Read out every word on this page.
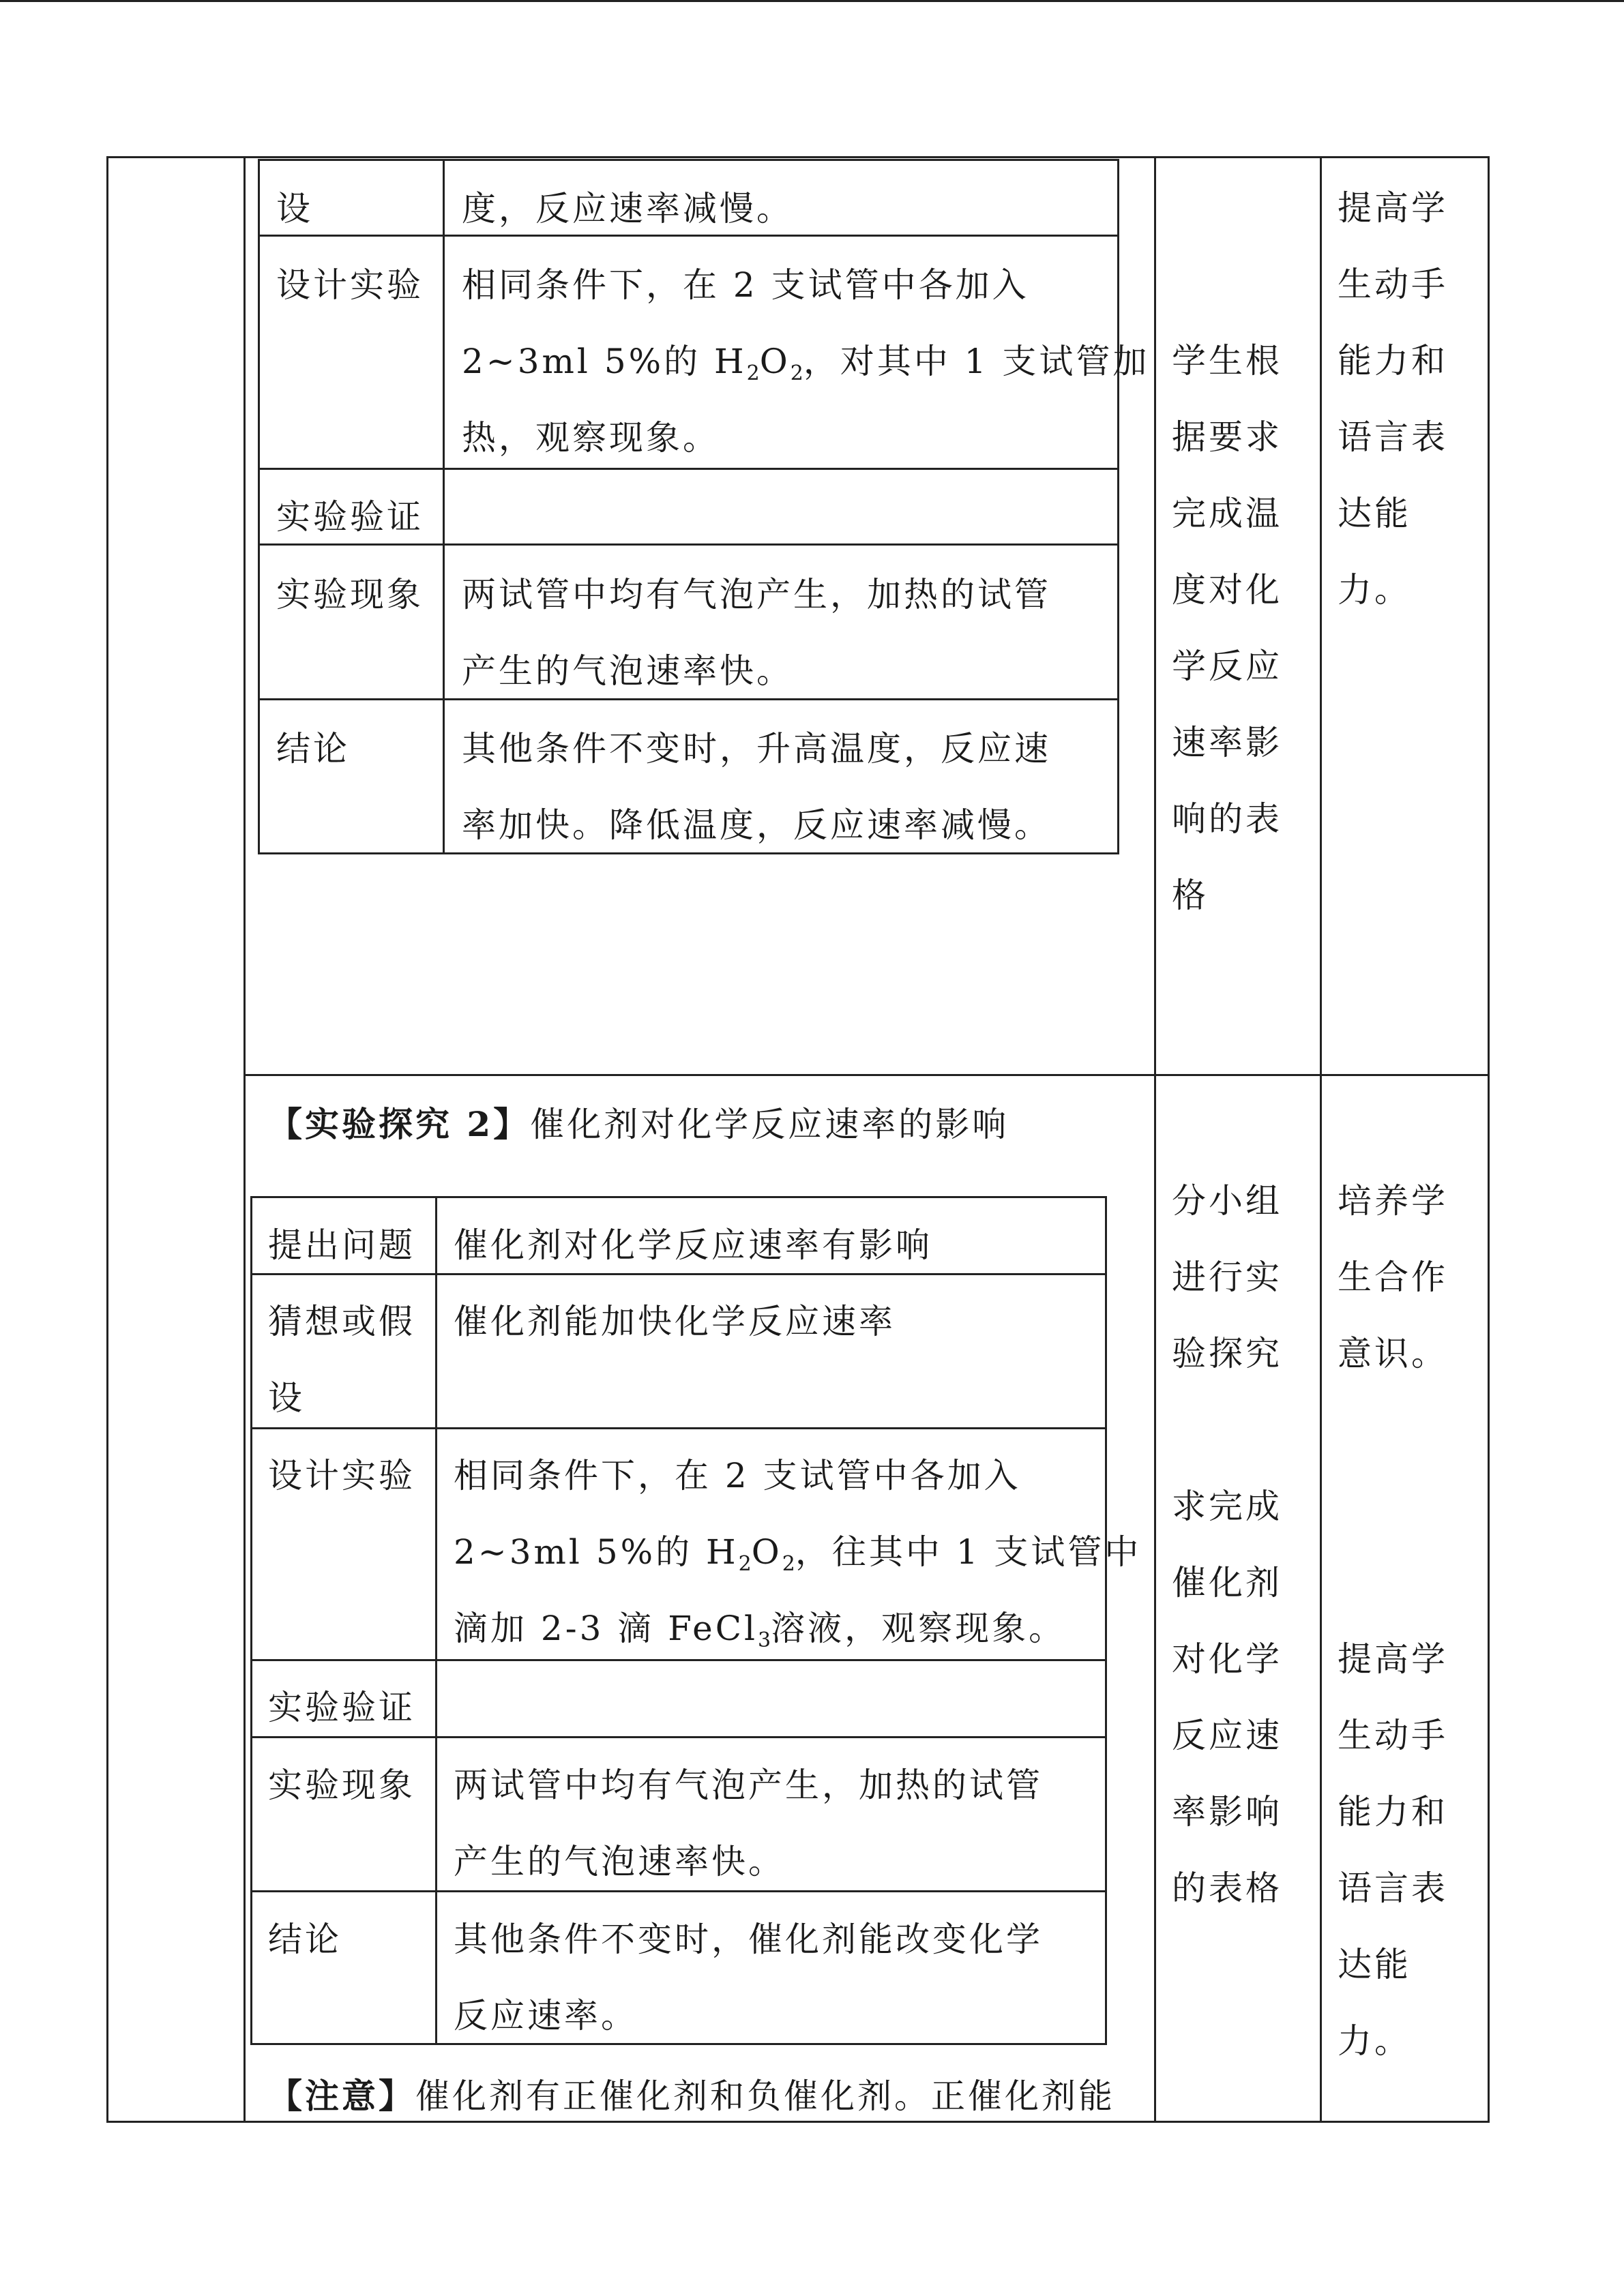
设
设计实验
实验验证
实验现象
结论
度，反应速率减慢。
相同条件下，在 2 支试管中各加入
2~3ml 5%的 $H_2O_2$，对其中 1 支试管加
热，观察现象。
两试管中均有气泡产生，加热的试管
产生的气泡速率快。
其他条件不变时，升高温度，反应速
率加快。降低温度，反应速率减慢。
学生根
据要求
完成温
度对化
学反应
速率影
响的表
格
提高学
生动手
能力和
语言表
达能
力。
【实验探究 2】催化剂对化学反应速率的影响
提出问题
猜想或假
设
设计实验
实验验证
实验现象
结论
催化剂对化学反应速率有影响
催化剂能加快化学反应速率
相同条件下，在 2 支试管中各加入
2~3ml 5%的 $H_2O_2$，往其中 1 支试管中
滴加 2-3 滴 FeCl$_3$溶液，观察现象。
两试管中均有气泡产生，加热的试管
产生的气泡速率快。
其他条件不变时，催化剂能改变化学
反应速率。
【注意】催化剂有正催化剂和负催化剂。正催化剂能
分小组
进行实
验探究
求完成
催化剂
对化学
反应速
率影响
的表格
培养学
生合作
意识。
提高学
生动手
能力和
语言表
达能
力。
